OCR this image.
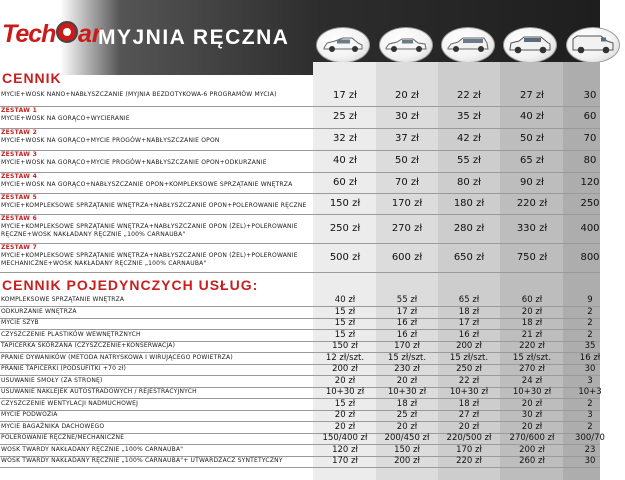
Tech ar
MYJNIA RĘCZNA
CENNIK
MYCIE+WOSK NANO+NABŁYSZCZANIE (MYJNIA BEZDOTYKOWA-6 PROGRAMÓW MYCIA)	17 zł	20 zł	22 zł	27 zł	30
ZESTAW 1
MYCIE+WOSK NA GORĄCO+WYCIERANIE	25 zł	30 zł	35 zł	40 zł	60
ZESTAW 2
MYCIE+WOSK NA GORĄCO+MYCIE PROGÓW+NABŁYSZCZANIE OPON	32 zł	37 zł	42 zł	50 zł	70
ZESTAW 3
MYCIE+WOSK NA GORĄCO+MYCIE PROGÓW+NABŁYSZCZANIE OPON+ODKURZANIE	40 zł	50 zł	55 zł	65 zł	80
ZESTAW 4
MYCIE+WOSK NA GORĄCO+NABŁYSZCZANIE OPON+KOMPLEKSOWE SPRZĄTANIE WNĘTRZA	60 zł	70 zł	80 zł	90 zł	120
ZESTAW 5
MYCIE+KOMPLEKSOWE SPRZĄTANIE WNĘTRZA+NABŁYSZCZANIE OPON+POLEROWANIE RĘCZNE	150 zł	170 zł	180 zł	220 zł	250
ZESTAW 6
MYCIE+KOMPLEKSOWE SPRZĄTANIE WNĘTRZA+NABŁYSZCZANIE OPON (ŻEL)+POLEROWANIE
RĘCZNE+WOSK NAKŁADANY RĘCZNIE „100% CARNAUBA"
250 zł	270 zł	280 zł	330 zł	400
ZESTAW 7
MYCIE+KOMPLEKSOWE SPRZĄTANIE WNĘTRZA+NABŁYSZCZANIE OPON (ŻEL)+POLEROWANIE
MECHANICZNE+WOSK NAKŁADANY RĘCZNIE „100% CARNAUBA"
500 zł	600 zł	650 zł	750 zł	800
CENNIK POJEDYNCZYCH USŁUG:
KOMPLEKSOWE SPRZĄTANIE WNĘTRZA	40 zł	55 zł	65 zł	60 zł	9
ODKURZANIE WNĘTRZA	15 zł	17 zł	18 zł	20 zł	2
MYCIE SZYB	15 zł	16 zł	17 zł	18 zł	2
CZYSZCZENIE PLASTIKÓW WEWNĘTRZNYCH	15 zł	16 zł	16 zł	21 zł	2
TAPICERKA SKÓRZANA (CZYSZCZENIE+KONSERWACJA)	150 zł	170 zł	200 zł	220 zł	35
PRANIE DYWANIKÓW (METODA NATRYSKOWA I WIRUJĄCEGO POWIETRZA)	12 zł/szt.	15 zł/szt.	15 zł/szt.	15 zł/szt.	16 zł
PRANIE TAPICERKI (PODSUFITKI +70 zł)	200 zł	230 zł	250 zł	270 zł	30
USUWANIE SMOŁY (ZA STRONĘ)	20 zł	20 zł	22 zł	24 zł	3
USUWANIE NAKLEJEK AUTOSTRADOWYCH / REJESTRACYJNYCH	10+30 zł	10+30 zł	10+30 zł	10+30 zł	10+3
CZYSZCZENIE WENTYLACJI NADMUCHOWEJ	15 zł	18 zł	18 zł	20 zł	2
MYCIE PODWOZIA	20 zł	25 zł	27 zł	30 zł	3
MYCIE BAGAŻNIKA DACHOWEGO	20 zł	20 zł	20 zł	20 zł	2
POLEROWANIE RĘCZNE/MECHANICZNE	150/400 zł	200/450 zł	220/500 zł	270/600 zł	300/70
WOSK TWARDY NAKŁADANY RĘCZNIE „100% CARNAUBA"	120 zł	150 zł	170 zł	200 zł	23
WOSK TWARDY NAKŁADANY RĘCZNIE „100% CARNAUBA"+ UTWARDZACZ SYNTETYCZNY	170 zł	200 zł	220 zł	260 zł	30
